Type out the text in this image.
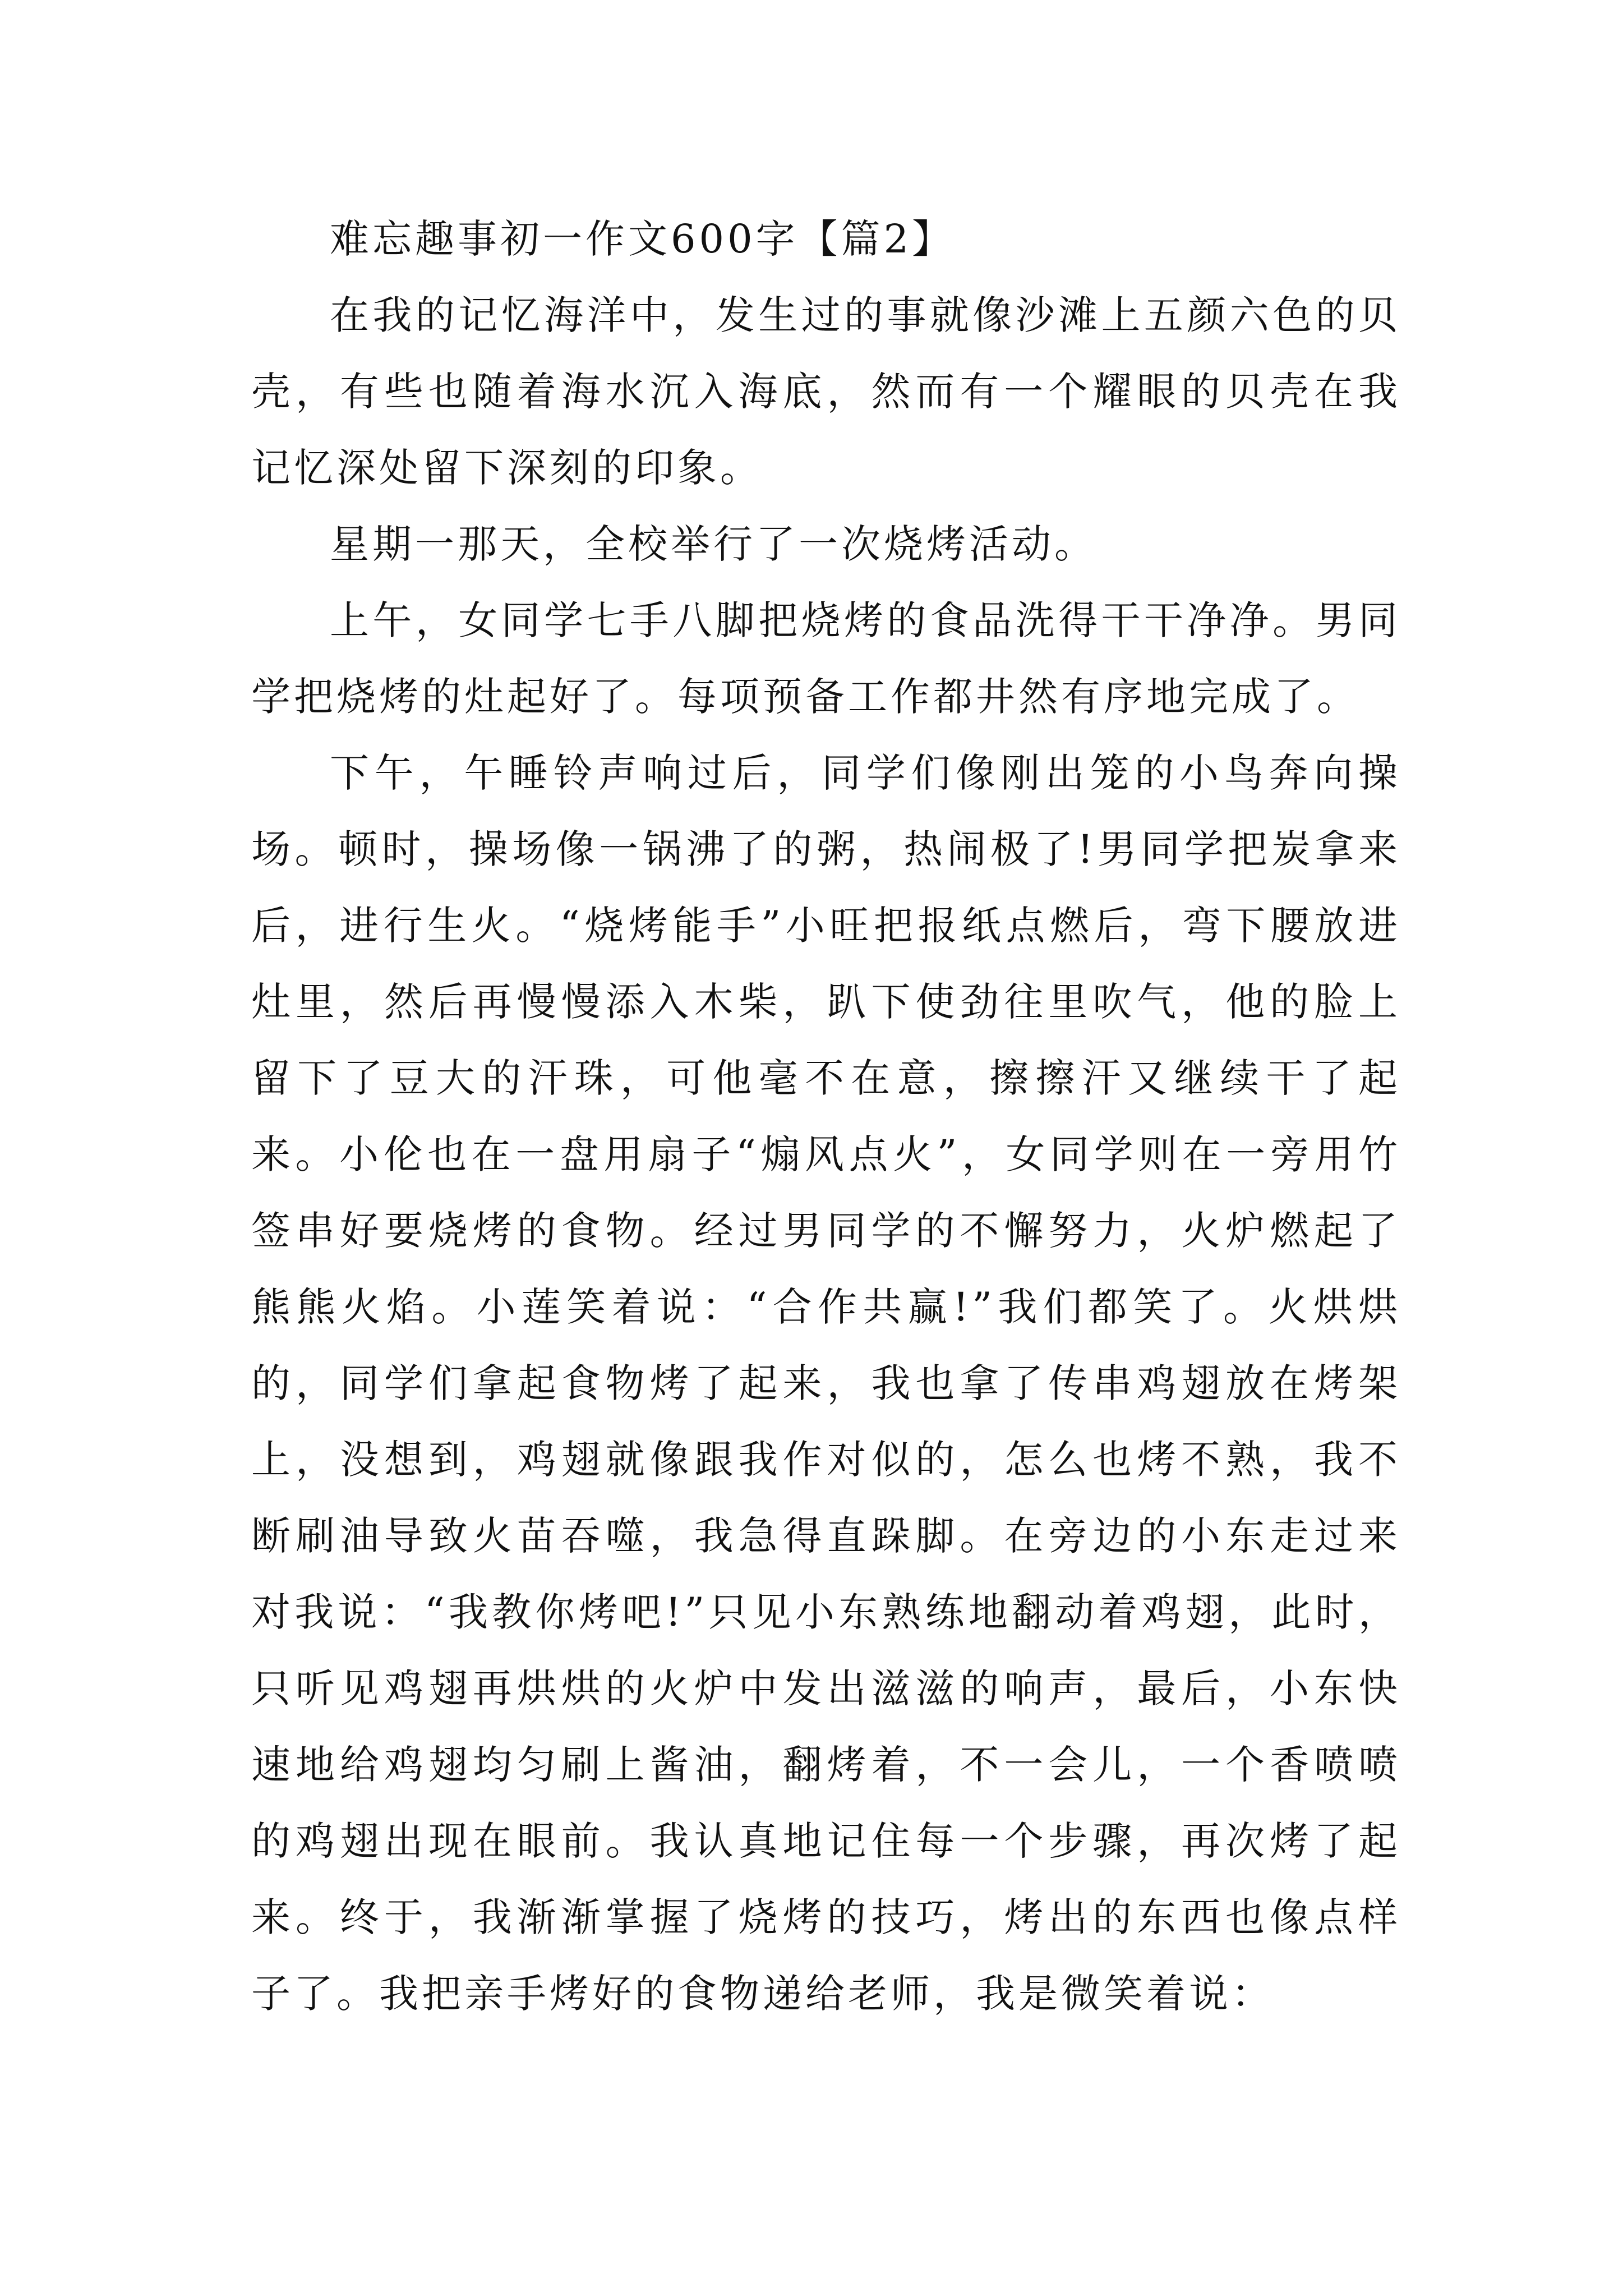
难忘趣事初一作文600字【篇2】

在我的记忆海洋中，发生过的事就像沙滩上五颜六色的贝壳，有些也随着海水沉入海底，然而有一个耀眼的贝壳在我记忆深处留下深刻的印象。

星期一那天，全校举行了一次烧烤活动。

上午，女同学七手八脚把烧烤的食品洗得干干净净。男同学把烧烤的灶起好了。每项预备工作都井然有序地完成了。

下午，午睡铃声响过后，同学们像刚出笼的小鸟奔向操场。顿时，操场像一锅沸了的粥，热闹极了!男同学把炭拿来后，进行生火。“烧烤能手”小旺把报纸点燃后，弯下腰放进灶里，然后再慢慢添入木柴，趴下使劲往里吹气，他的脸上留下了豆大的汗珠，可他毫不在意，擦擦汗又继续干了起来。小伦也在一盘用扇子“煽风点火”，女同学则在一旁用竹签串好要烧烤的食物。经过男同学的不懈努力，火炉燃起了熊熊火焰。小莲笑着说：“合作共赢!”我们都笑了。火烘烘的，同学们拿起食物烤了起来，我也拿了传串鸡翅放在烤架上，没想到，鸡翅就像跟我作对似的，怎么也烤不熟，我不断刷油导致火苗吞噬，我急得直跺脚。在旁边的小东走过来对我说：“我教你烤吧!”只见小东熟练地翻动着鸡翅，此时，只听见鸡翅再烘烘的火炉中发出滋滋的响声，最后，小东快速地给鸡翅均匀刷上酱油，翻烤着，不一会儿，一个香喷喷的鸡翅出现在眼前。我认真地记住每一个步骤，再次烤了起来。终于，我渐渐掌握了烧烤的技巧，烤出的东西也像点样子了。我把亲手烤好的食物递给老师，我是微笑着说：
